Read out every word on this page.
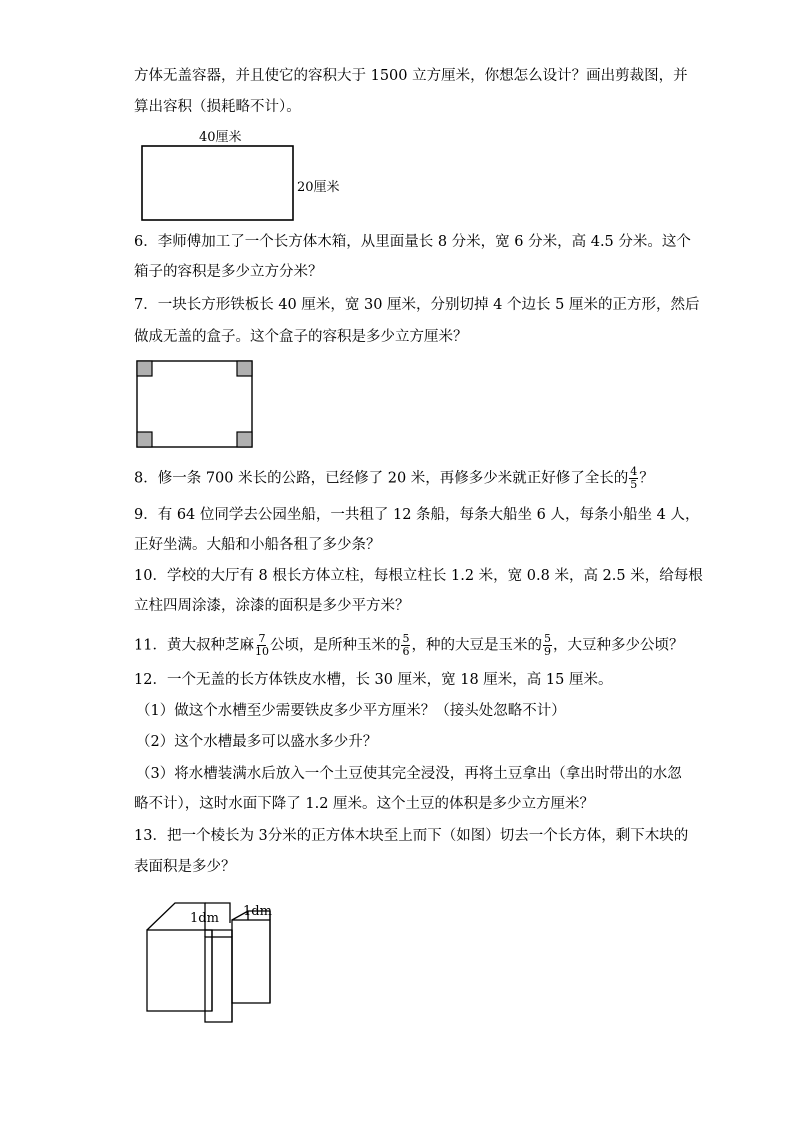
方体无盖容器，并且使它的容积大于 1500 立方厘米，你想怎么设计？画出剪裁图，并
算出容积（损耗略不计）。
40厘米
20厘米
6．李师傅加工了一个长方体木箱，从里面量长 8 分米，宽 6 分米，高 4.5 分米。这个
箱子的容积是多少立方分米？
7．一块长方形铁板长 40 厘米，宽 30 厘米，分别切掉 4 个边长 5 厘米的正方形，然后
做成无盖的盒子。这个盒子的容积是多少立方厘米？
8．修一条 700 米长的公路，已经修了 20 米，再修多少米就正好修了全长的 $\frac{4}{5}$ ？
9．有 64 位同学去公园坐船，一共租了 12 条船，每条大船坐 6 人，每条小船坐 4 人，
正好坐满。大船和小船各租了多少条？
10．学校的大厅有 8 根长方体立柱，每根立柱长 1.2 米，宽 0.8 米，高 2.5 米，给每根
立柱四周涂漆，涂漆的面积是多少平方米？
11．黄大叔种芝麻 $\frac{7}{10}$ 公顷，是所种玉米的 $\frac{5}{6}$ ，种的大豆是玉米的 $\frac{5}{9}$ ，大豆种多少公顷？
12．一个无盖的长方体铁皮水槽，长 30 厘米，宽 18 厘米，高 15 厘米。
（1）做这个水槽至少需要铁皮多少平方厘米？（接头处忽略不计）
（2）这个水槽最多可以盛水多少升？
（3）将水槽装满水后放入一个土豆使其完全浸没，再将土豆拿出（拿出时带出的水忽
略不计），这时水面下降了 1.2 厘米。这个土豆的体积是多少立方厘米？
13．把一个棱长为 3分米的正方体木块至上而下（如图）切去一个长方体，剩下木块的
表面积是多少？
1dm 1dm
